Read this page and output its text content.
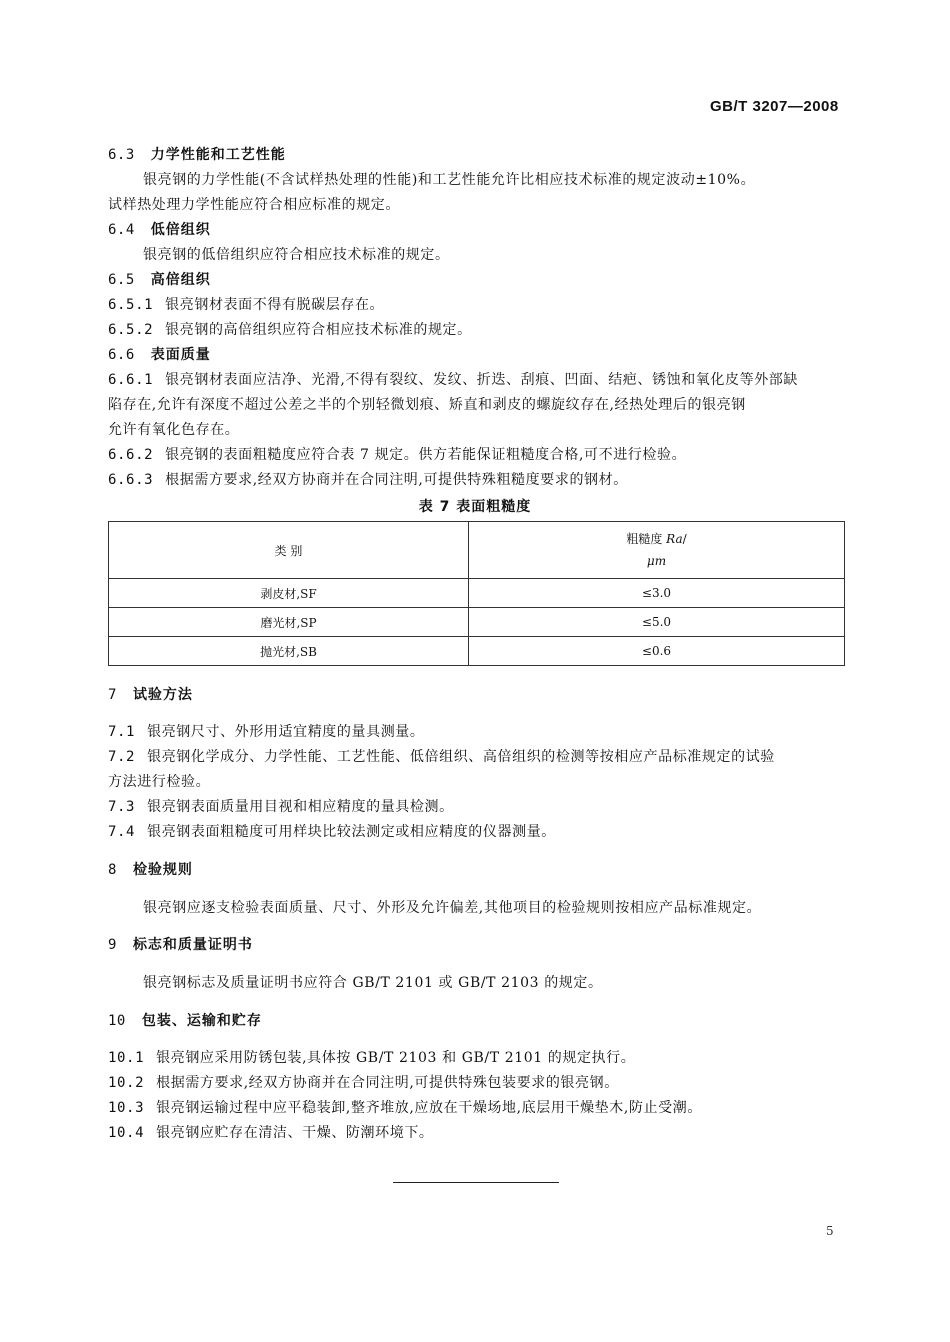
GB/T 3207—2008
6.3 力学性能和工艺性能
银亮钢的力学性能(不含试样热处理的性能)和工艺性能允许比相应技术标准的规定波动±10%。
试样热处理力学性能应符合相应标准的规定。
6.4 低倍组织
银亮钢的低倍组织应符合相应技术标准的规定。
6.5 高倍组织
6.5.1 银亮钢材表面不得有脱碳层存在。
6.5.2 银亮钢的高倍组织应符合相应技术标准的规定。
6.6 表面质量
6.6.1 银亮钢材表面应洁净、光滑,不得有裂纹、发纹、折迭、刮痕、凹面、结疤、锈蚀和氧化皮等外部缺
陷存在,允许有深度不超过公差之半的个别轻微划痕、矫直和剥皮的螺旋纹存在,经热处理后的银亮钢
允许有氧化色存在。
6.6.2 银亮钢的表面粗糙度应符合表 7 规定。供方若能保证粗糙度合格,可不进行检验。
6.6.3 根据需方要求,经双方协商并在合同注明,可提供特殊粗糙度要求的钢材。
表 7 表面粗糙度
类 别	粗糙度 Ra/
μm

剥皮材,SF	≤3.0
磨光材,SP	≤5.0
抛光材,SB	≤0.6
7 试验方法
7.1 银亮钢尺寸、外形用适宜精度的量具测量。
7.2 银亮钢化学成分、力学性能、工艺性能、低倍组织、高倍组织的检测等按相应产品标准规定的试验
方法进行检验。
7.3 银亮钢表面质量用目视和相应精度的量具检测。
7.4 银亮钢表面粗糙度可用样块比较法测定或相应精度的仪器测量。
8 检验规则
银亮钢应逐支检验表面质量、尺寸、外形及允许偏差,其他项目的检验规则按相应产品标准规定。
9 标志和质量证明书
银亮钢标志及质量证明书应符合 GB/T 2101 或 GB/T 2103 的规定。
10 包装、运输和贮存
10.1 银亮钢应采用防锈包装,具体按 GB/T 2103 和 GB/T 2101 的规定执行。
10.2 根据需方要求,经双方协商并在合同注明,可提供特殊包装要求的银亮钢。
10.3 银亮钢运输过程中应平稳装卸,整齐堆放,应放在干燥场地,底层用干燥垫木,防止受潮。
10.4 银亮钢应贮存在清洁、干燥、防潮环境下。
5
